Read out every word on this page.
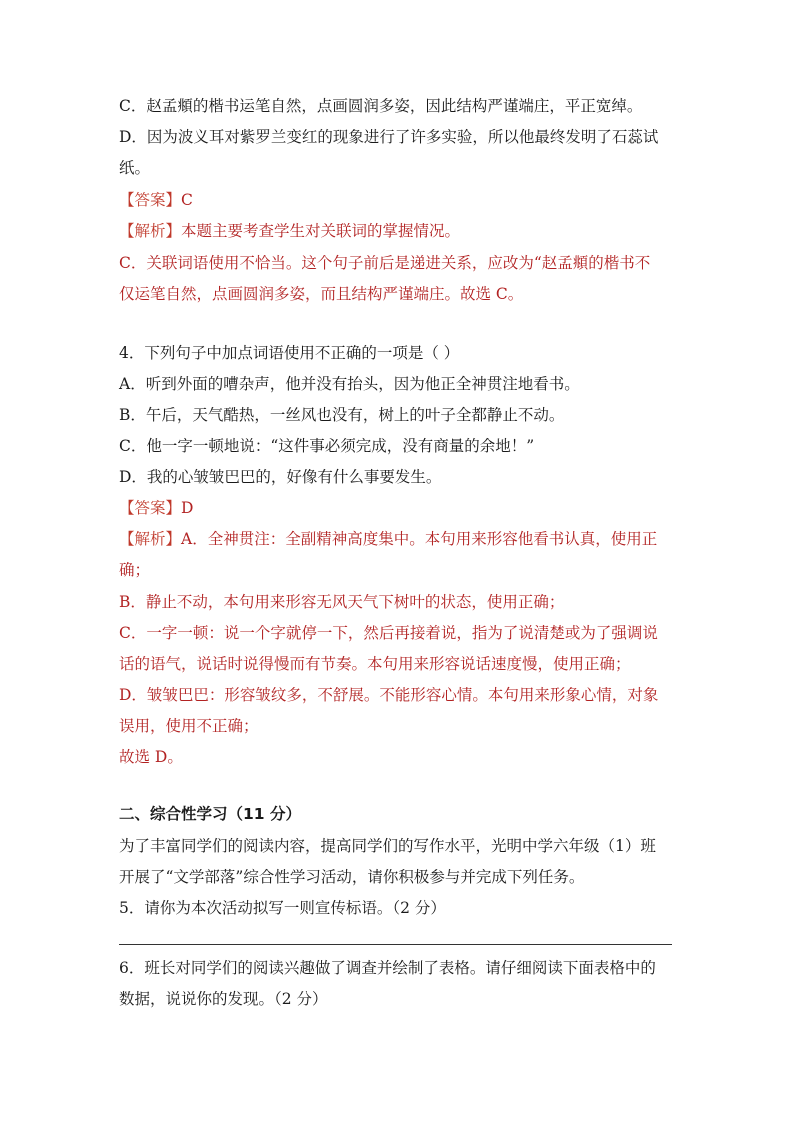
C．赵孟頫的楷书运笔自然，点画圆润多姿，因此结构严谨端庄，平正宽绰。
D．因为波义耳对紫罗兰变红的现象进行了许多实验，所以他最终发明了石蕊试
纸。
【答案】C
【解析】本题主要考查学生对关联词的掌握情况。
C．关联词语使用不恰当。这个句子前后是递进关系，应改为“赵孟頫的楷书不
仅运笔自然，点画圆润多姿，而且结构严谨端庄。故选 C。
4．下列句子中加点词语使用不正确的一项是（ ）
A．听到外面的嘈杂声，他并没有抬头，因为他正全神贯注地看书。
B．午后，天气酷热，一丝风也没有，树上的叶子全都静止不动。
C．他一字一顿地说：“这件事必须完成，没有商量的余地！”
D．我的心皱皱巴巴的，好像有什么事要发生。
【答案】D
【解析】A．全神贯注：全副精神高度集中。本句用来形容他看书认真，使用正
确；
B．静止不动，本句用来形容无风天气下树叶的状态，使用正确；
C．一字一顿：说一个字就停一下，然后再接着说，指为了说清楚或为了强调说
话的语气，说话时说得慢而有节奏。本句用来形容说话速度慢，使用正确；
D．皱皱巴巴：形容皱纹多，不舒展。不能形容心情。本句用来形象心情，对象
误用，使用不正确；
故选 D。
二、综合性学习（11 分）
为了丰富同学们的阅读内容，提高同学们的写作水平，光明中学六年级（1）班
开展了“文学部落”综合性学习活动，请你积极参与并完成下列任务。
5．请你为本次活动拟写一则宣传标语。（2 分）
6．班长对同学们的阅读兴趣做了调查并绘制了表格。请仔细阅读下面表格中的
数据，说说你的发现。（2 分）
